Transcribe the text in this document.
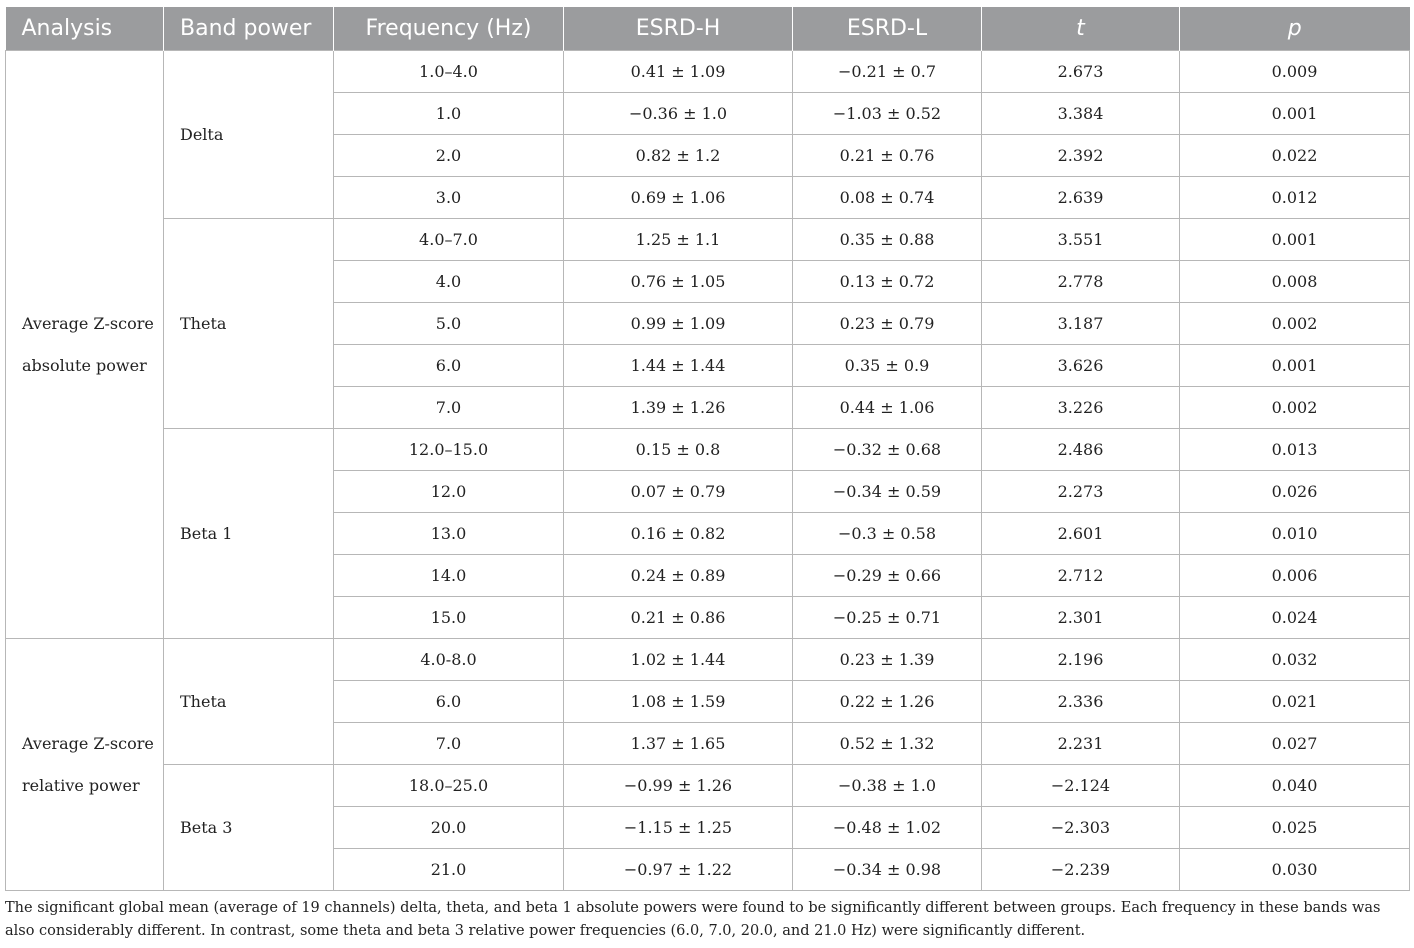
Analysis	Band power	Frequency (Hz)	ESRD-H	ESRD-L	t	p
Average Z-score absolute power	Delta	1.0–4.0	0.41 ± 1.09	−0.21 ± 0.7	2.673	0.009
		1.0	−0.36 ± 1.0	−1.03 ± 0.52	3.384	0.001
		2.0	0.82 ± 1.2	0.21 ± 0.76	2.392	0.022
		3.0	0.69 ± 1.06	0.08 ± 0.74	2.639	0.012
	Theta	4.0–7.0	1.25 ± 1.1	0.35 ± 0.88	3.551	0.001
		4.0	0.76 ± 1.05	0.13 ± 0.72	2.778	0.008
		5.0	0.99 ± 1.09	0.23 ± 0.79	3.187	0.002
		6.0	1.44 ± 1.44	0.35 ± 0.9	3.626	0.001
		7.0	1.39 ± 1.26	0.44 ± 1.06	3.226	0.002
	Beta 1	12.0–15.0	0.15 ± 0.8	−0.32 ± 0.68	2.486	0.013
		12.0	0.07 ± 0.79	−0.34 ± 0.59	2.273	0.026
		13.0	0.16 ± 0.82	−0.3 ± 0.58	2.601	0.010
		14.0	0.24 ± 0.89	−0.29 ± 0.66	2.712	0.006
		15.0	0.21 ± 0.86	−0.25 ± 0.71	2.301	0.024
Average Z-score relative power	Theta	4.0-8.0	1.02 ± 1.44	0.23 ± 1.39	2.196	0.032
		6.0	1.08 ± 1.59	0.22 ± 1.26	2.336	0.021
		7.0	1.37 ± 1.65	0.52 ± 1.32	2.231	0.027
	Beta 3	18.0–25.0	−0.99 ± 1.26	−0.38 ± 1.0	−2.124	0.040
		20.0	−1.15 ± 1.25	−0.48 ± 1.02	−2.303	0.025
		21.0	−0.97 ± 1.22	−0.34 ± 0.98	−2.239	0.030

The significant global mean (average of 19 channels) delta, theta, and beta 1 absolute powers were found to be significantly different between groups. Each frequency in these bands was also considerably different. In contrast, some theta and beta 3 relative power frequencies (6.0, 7.0, 20.0, and 21.0 Hz) were significantly different.
